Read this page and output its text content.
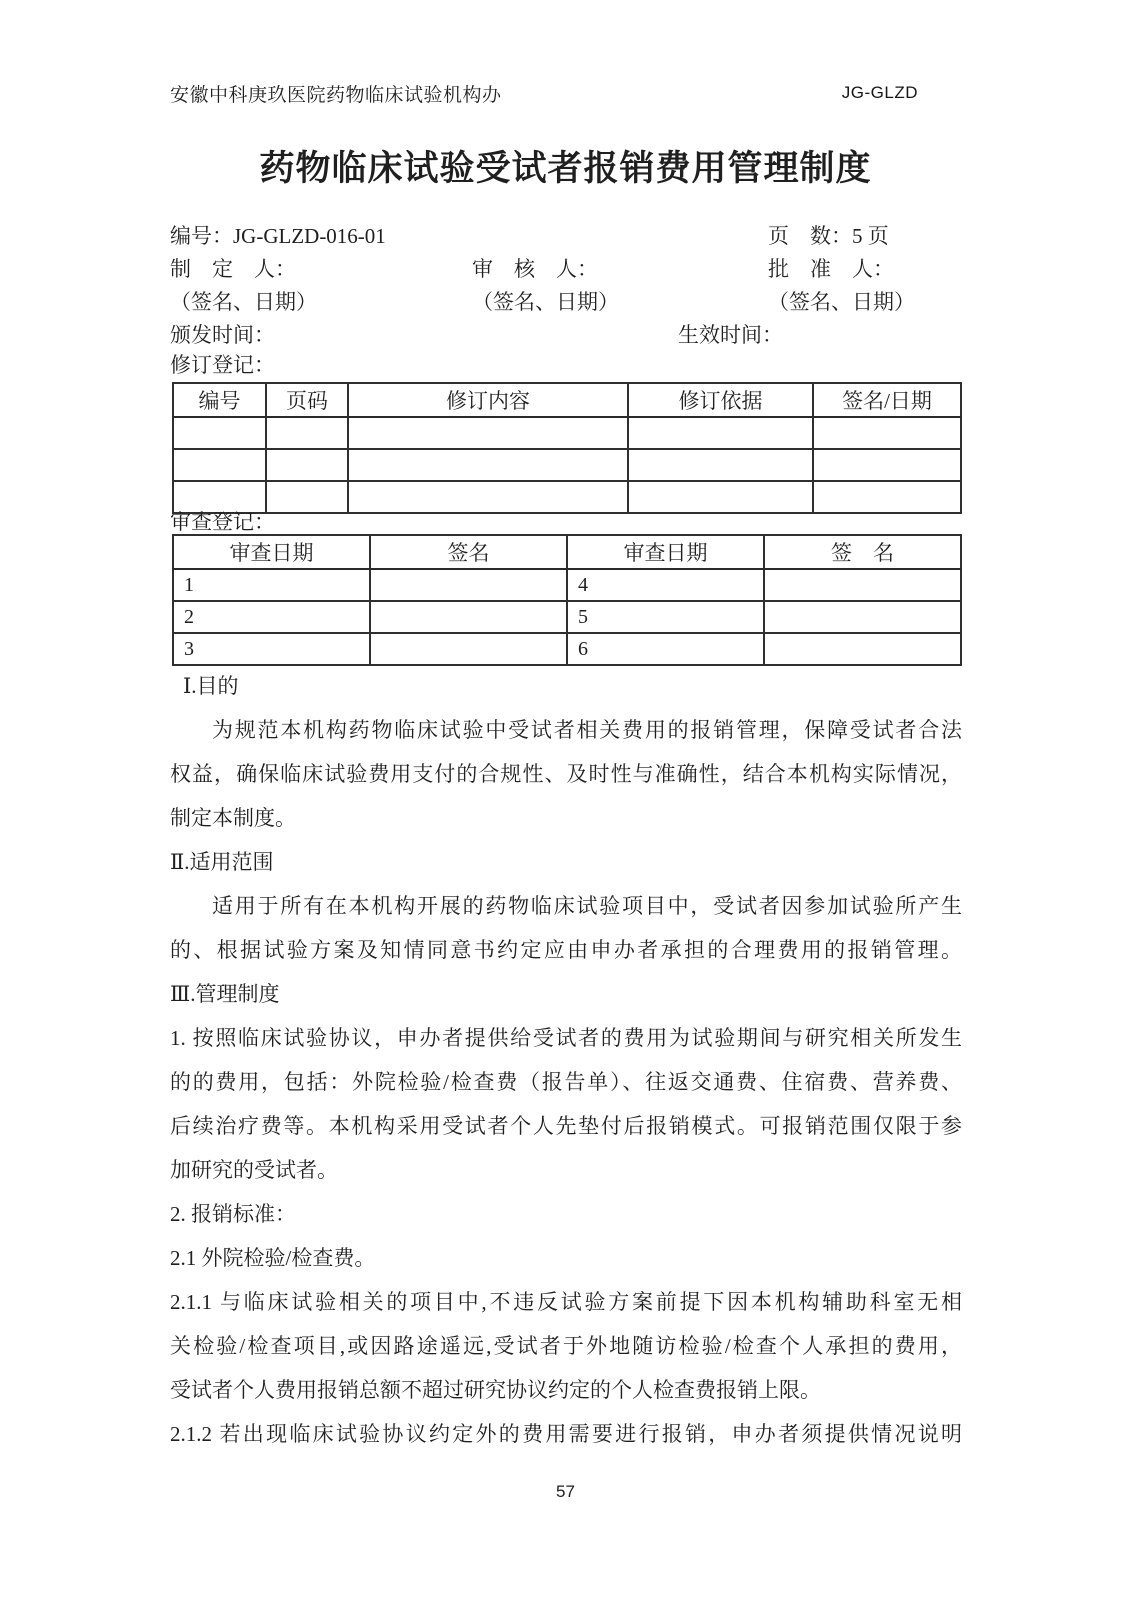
安徽中科庚玖医院药物临床试验机构办	JG-GLZD
药物临床试验受试者报销费用管理制度
编号：JG-GLZD-016-01	页　数：5 页
制　定　人：	审　核　人：	批　准　人：
（签名、日期）	（签名、日期）	（签名、日期）
颁发时间：	生效时间：
修订登记：
编号	页码	修订内容	修订依据	签名/日期

审查登记：
审查日期	签名	审查日期	签　名
1		4	
2		5	
3		6	
Ⅰ.目的
为规范本机构药物临床试验中受试者相关费用的报销管理，保障受试者合法
权益，确保临床试验费用支付的合规性、及时性与准确性，结合本机构实际情况，
制定本制度。
Ⅱ.适用范围
适用于所有在本机构开展的药物临床试验项目中，受试者因参加试验所产生
的、根据试验方案及知情同意书约定应由申办者承担的合理费用的报销管理。
Ⅲ.管理制度
1. 按照临床试验协议，申办者提供给受试者的费用为试验期间与研究相关所发生
的的费用，包括：外院检验/检查费（报告单）、往返交通费、住宿费、营养费、
后续治疗费等。本机构采用受试者个人先垫付后报销模式。可报销范围仅限于参
加研究的受试者。
2. 报销标准：
2.1 外院检验/检查费。
2.1.1 与临床试验相关的项目中,不违反试验方案前提下因本机构辅助科室无相
关检验/检查项目,或因路途遥远,受试者于外地随访检验/检查个人承担的费用，
受试者个人费用报销总额不超过研究协议约定的个人检查费报销上限。
2.1.2 若出现临床试验协议约定外的费用需要进行报销，申办者须提供情况说明
57
